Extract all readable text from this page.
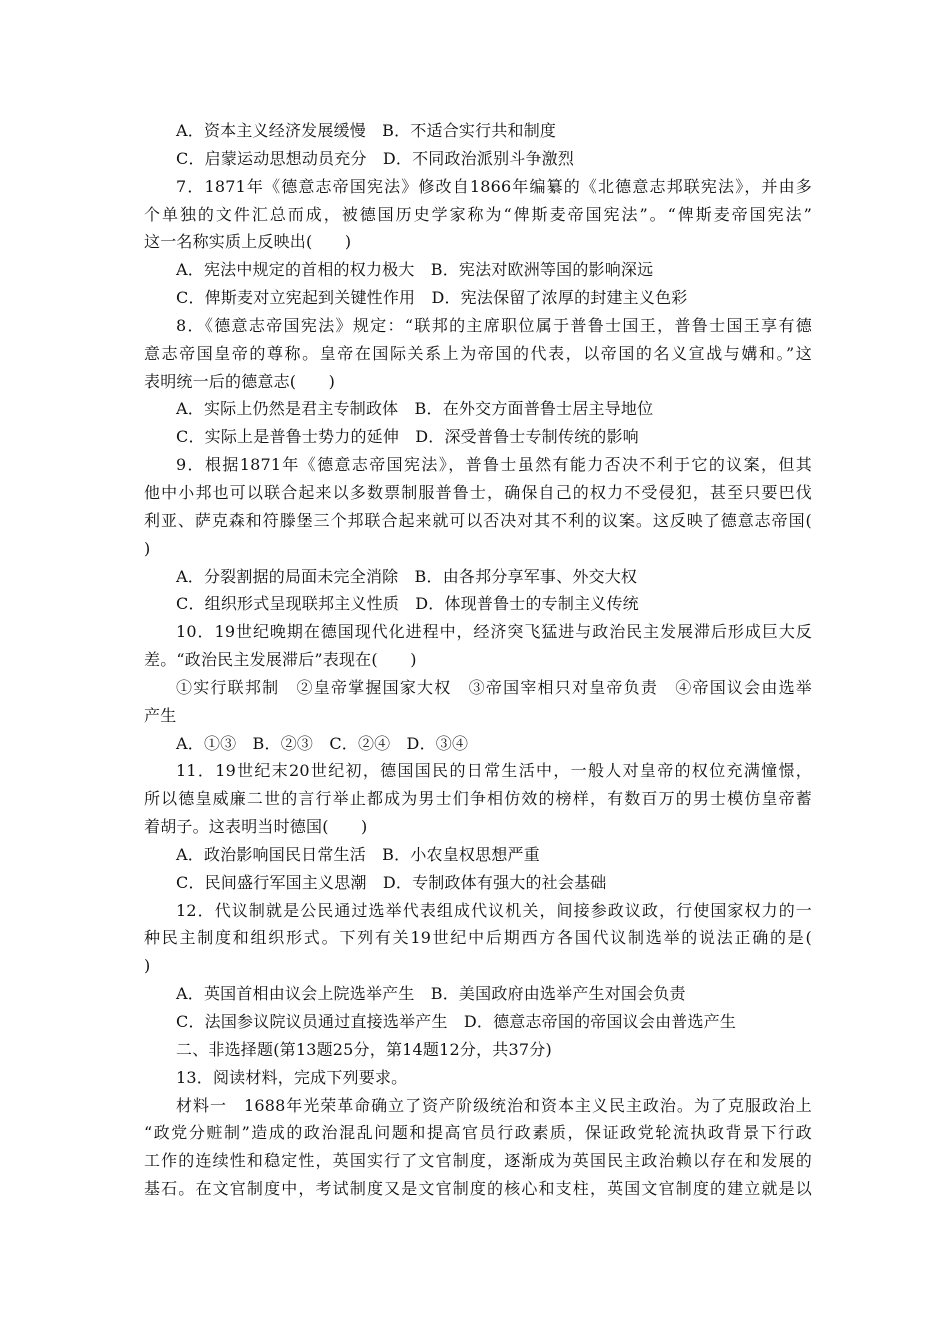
A．资本主义经济发展缓慢　B．不适合实行共和制度
C．启蒙运动思想动员充分　D．不同政治派别斗争激烈
7．1871年《德意志帝国宪法》修改自1866年编纂的《北德意志邦联宪法》，并由多
个单独的文件汇总而成，被德国历史学家称为“俾斯麦帝国宪法”。“俾斯麦帝国宪法”
这一名称实质上反映出(　　)
A．宪法中规定的首相的权力极大　B．宪法对欧洲等国的影响深远
C．俾斯麦对立宪起到关键性作用　D．宪法保留了浓厚的封建主义色彩
8．《德意志帝国宪法》规定：“联邦的主席职位属于普鲁士国王，普鲁士国王享有德
意志帝国皇帝的尊称。皇帝在国际关系上为帝国的代表，以帝国的名义宣战与媾和。”这
表明统一后的德意志(　　)
A．实际上仍然是君主专制政体　B．在外交方面普鲁士居主导地位
C．实际上是普鲁士势力的延伸　D．深受普鲁士专制传统的影响
9．根据1871年《德意志帝国宪法》，普鲁士虽然有能力否决不利于它的议案，但其
他中小邦也可以联合起来以多数票制服普鲁士，确保自己的权力不受侵犯，甚至只要巴伐
利亚、萨克森和符滕堡三个邦联合起来就可以否决对其不利的议案。这反映了德意志帝国(
)
A．分裂割据的局面未完全消除　B．由各邦分享军事、外交大权
C．组织形式呈现联邦主义性质　D．体现普鲁士的专制主义传统
10．19世纪晚期在德国现代化进程中，经济突飞猛进与政治民主发展滞后形成巨大反
差。“政治民主发展滞后”表现在(　　)
①实行联邦制　②皇帝掌握国家大权　③帝国宰相只对皇帝负责　④帝国议会由选举
产生
A．①③　B．②③　C．②④　D．③④
11．19世纪末20世纪初，德国国民的日常生活中，一般人对皇帝的权位充满憧憬，
所以德皇威廉二世的言行举止都成为男士们争相仿效的榜样，有数百万的男士模仿皇帝蓄
着胡子。这表明当时德国(　　)
A．政治影响国民日常生活　B．小农皇权思想严重
C．民间盛行军国主义思潮　D．专制政体有强大的社会基础
12．代议制就是公民通过选举代表组成代议机关，间接参政议政，行使国家权力的一
种民主制度和组织形式。下列有关19世纪中后期西方各国代议制选举的说法正确的是(
)
A．英国首相由议会上院选举产生　B．美国政府由选举产生对国会负责
C．法国参议院议员通过直接选举产生　D．德意志帝国的帝国议会由普选产生
二、非选择题(第13题25分，第14题12分，共37分)
13．阅读材料，完成下列要求。
材料一　1688年光荣革命确立了资产阶级统治和资本主义民主政治。为了克服政治上
“政党分赃制”造成的政治混乱问题和提高官员行政素质，保证政党轮流执政背景下行政
工作的连续性和稳定性，英国实行了文官制度，逐渐成为英国民主政治赖以存在和发展的
基石。在文官制度中，考试制度又是文官制度的核心和支柱，英国文官制度的建立就是以
